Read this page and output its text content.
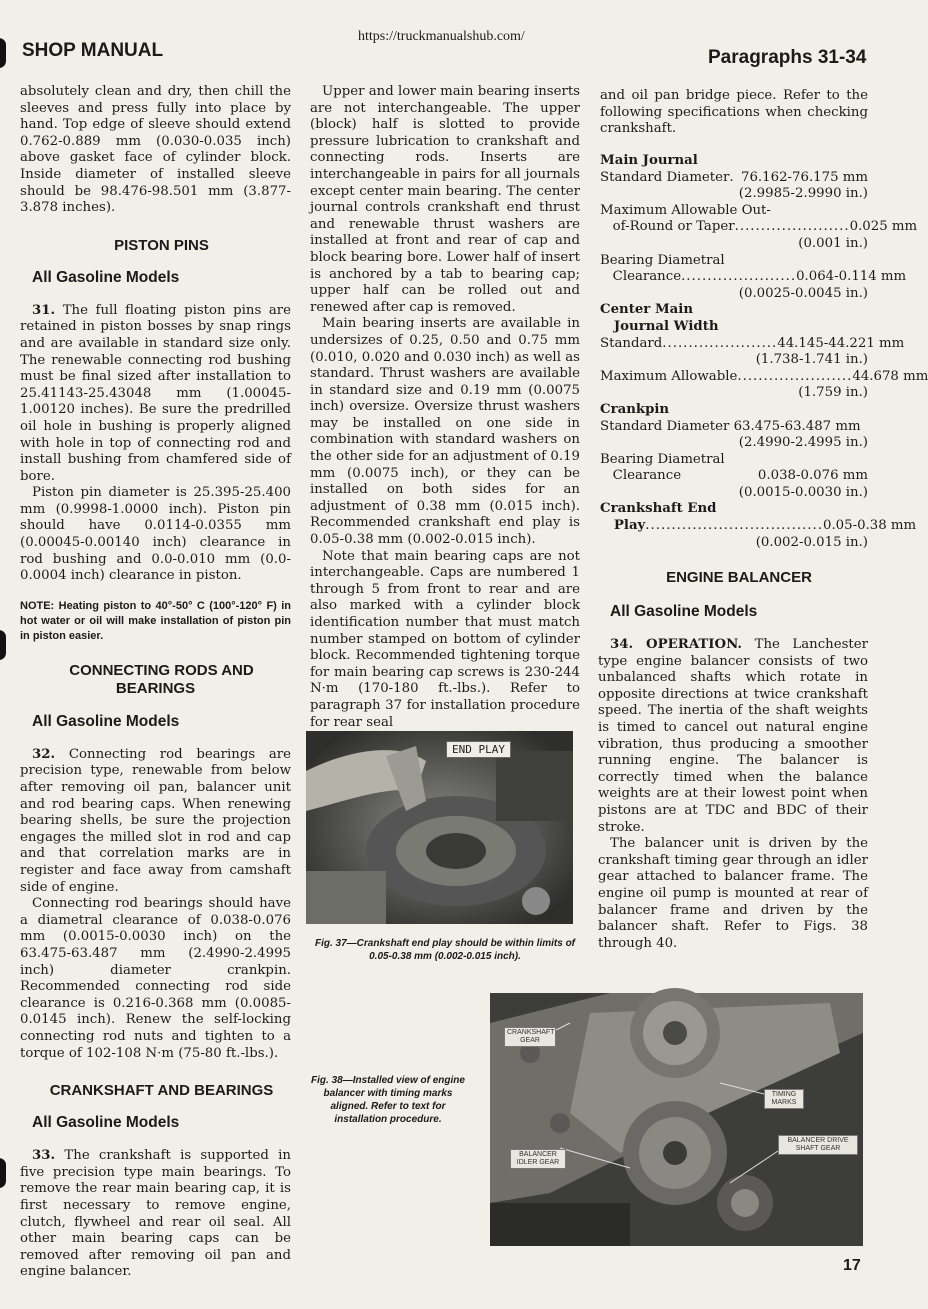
SHOP MANUAL
https://truckmanualshub.com/
Paragraphs 31-34

absolutely clean and dry, then chill the sleeves and press fully into place by hand. Top edge of sleeve should extend 0.762-0.889 mm (0.030-0.035 inch) above gasket face of cylinder block. Inside diameter of installed sleeve should be 98.476-98.501 mm (3.877-3.878 inches).

PISTON PINS

All Gasoline Models

31. The full floating piston pins are retained in piston bosses by snap rings and are available in standard size only. The renewable connecting rod bushing must be final sized after installation to 25.41143-25.43048 mm (1.00045-1.00120 inches). Be sure the predrilled oil hole in bushing is properly aligned with hole in top of connecting rod and install bushing from chamfered side of bore.

Piston pin diameter is 25.395-25.400 mm (0.9998-1.0000 inch). Piston pin should have 0.0114-0.0355 mm (0.00045-0.00140 inch) clearance in rod bushing and 0.0-0.010 mm (0.0-0.0004 inch) clearance in piston.

NOTE: Heating piston to 40°-50° C (100°-120° F) in hot water or oil will make installation of piston pin in piston easier.

CONNECTING RODS AND BEARINGS

All Gasoline Models

32. Connecting rod bearings are precision type, renewable from below after removing oil pan, balancer unit and rod bearing caps. When renewing bearing shells, be sure the projection engages the milled slot in rod and cap and that correlation marks are in register and face away from camshaft side of engine.

Connecting rod bearings should have a diametral clearance of 0.038-0.076 mm (0.0015-0.0030 inch) on the 63.475-63.487 mm (2.4990-2.4995 inch) diameter crankpin. Recommended connecting rod side clearance is 0.216-0.368 mm (0.0085-0.0145 inch). Renew the self-locking connecting rod nuts and tighten to a torque of 102-108 N·m (75-80 ft.-lbs.).

CRANKSHAFT AND BEARINGS

All Gasoline Models

33. The crankshaft is supported in five precision type main bearings. To remove the rear main bearing cap, it is first necessary to remove engine, clutch, flywheel and rear oil seal. All other main bearing caps can be removed after removing oil pan and engine balancer.

Upper and lower main bearing inserts are not interchangeable. The upper (block) half is slotted to provide pressure lubrication to crankshaft and connecting rods. Inserts are interchangeable in pairs for all journals except center main bearing. The center journal controls crankshaft end thrust and renewable thrust washers are installed at front and rear of cap and block bearing bore. Lower half of insert is anchored by a tab to bearing cap; upper half can be rolled out and renewed after cap is removed.

Main bearing inserts are available in undersizes of 0.25, 0.50 and 0.75 mm (0.010, 0.020 and 0.030 inch) as well as standard. Thrust washers are available in standard size and 0.19 mm (0.0075 inch) oversize. Oversize thrust washers may be installed on one side in combination with standard washers on the other side for an adjustment of 0.19 mm (0.0075 inch), or they can be installed on both sides for an adjustment of 0.38 mm (0.015 inch). Recommended crankshaft end play is 0.05-0.38 mm (0.002-0.015 inch).

Note that main bearing caps are not interchangeable. Caps are numbered 1 through 5 from front to rear and are also marked with a cylinder block identification number that must match number stamped on bottom of cylinder block. Recommended tightening torque for main bearing cap screws is 230-244 N·m (170-180 ft.-lbs.). Refer to paragraph 37 for installation procedure for rear seal

END PLAY
Fig. 37—Crankshaft end play should be within limits of 0.05-0.38 mm (0.002-0.015 inch).

and oil pan bridge piece. Refer to the following specifications when checking crankshaft.

Main Journal
Standard Diameter . 76.162-76.175 mm
(2.9985-2.9990 in.)
Maximum Allowable Out-
of-Round or Taper ...................... 0.025 mm
(0.001 in.)
Bearing Diametral
Clearance ...................... 0.064-0.114 mm
(0.0025-0.0045 in.)
Center Main
Journal Width
Standard ...................... 44.145-44.221 mm
(1.738-1.741 in.)
Maximum Allowable ...................... 44.678 mm
(1.759 in.)
Crankpin
Standard Diameter 63.475-63.487 mm
(2.4990-2.4995 in.)
Bearing Diametral
Clearance	0.038-0.076 mm
(0.0015-0.0030 in.)
Crankshaft End
Play .................................. 0.05-0.38 mm
(0.002-0.015 in.)

ENGINE BALANCER

All Gasoline Models

34. OPERATION. The Lanchester type engine balancer consists of two unbalanced shafts which rotate in opposite directions at twice crankshaft speed. The inertia of the shaft weights is timed to cancel out natural engine vibration, thus producing a smoother running engine. The balancer is correctly timed when the balance weights are at their lowest point when pistons are at TDC and BDC of their stroke.

The balancer unit is driven by the crankshaft timing gear through an idler gear attached to balancer frame. The engine oil pump is mounted at rear of balancer frame and driven by the balancer shaft. Refer to Figs. 38 through 40.

Fig. 38—Installed view of engine balancer with timing marks aligned. Refer to text for installation procedure.
CRANKSHAFT GEAR
TIMING MARKS
BALANCER IDLER GEAR
BALANCER DRIVE SHAFT GEAR
17
